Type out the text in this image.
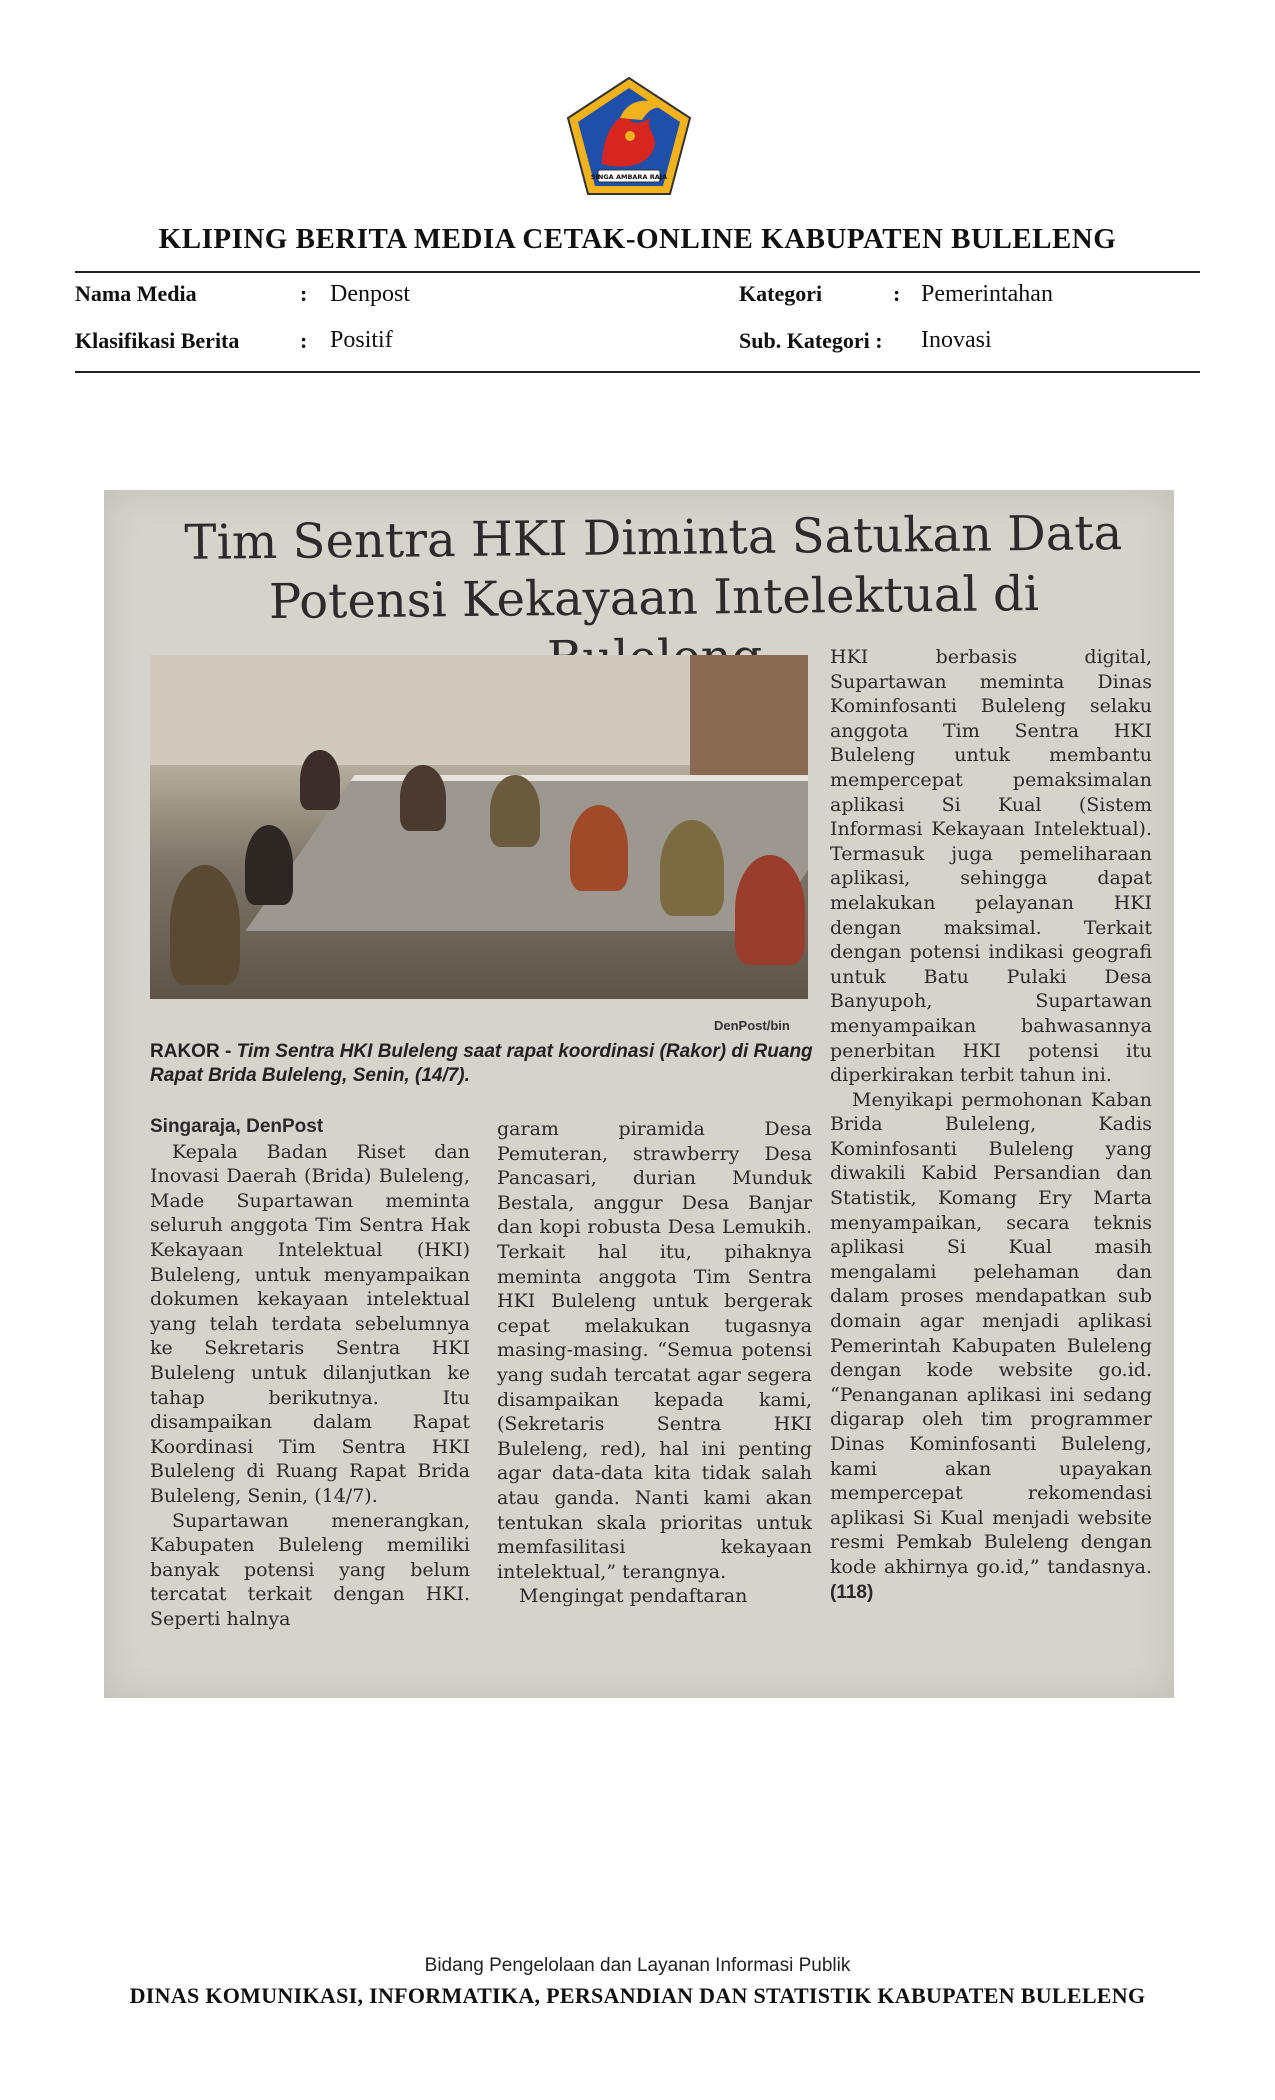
SINGA AMBARA RAJA
KLIPING BERITA MEDIA CETAK-ONLINE KABUPATEN BULELENG
Nama Media	: Denpost	Kategori	: Pemerintahan
Klasifikasi Berita	: Positif	Sub. Kategori : Inovasi
Tim Sentra HKI Diminta Satukan Data Potensi Kekayaan Intelektual di
DenPost/bin
RAKOR - Tim Sentra HKI Buleleng saat rapat koordinasi (Rakor) di Ruang Rapat Brida Buleleng, Senin, (14/7).
Singaraja, DenPost

Kepala Badan Riset dan Inovasi Daerah (Brida) Buleleng, Made Supartawan meminta seluruh anggota Tim Sentra Hak Kekayaan Intelektual (HKI) Buleleng, untuk menyampaikan dokumen kekayaan intelektual yang telah terdata sebelumnya ke Sekretaris Sentra HKI Buleleng untuk dilanjutkan ke tahap berikutnya. Itu disampaikan dalam Rapat Koordinasi Tim Sentra HKI Buleleng di Ruang Rapat Brida Buleleng, Senin, (14/7).

Supartawan menerangkan, Kabupaten Buleleng memiliki banyak potensi yang belum tercatat terkait dengan HKI. Seperti halnya

garam piramida Desa Pemuteran, strawberry Desa Pancasari, durian Munduk Bestala, anggur Desa Banjar dan kopi robusta Desa Lemukih. Terkait hal itu, pihaknya meminta anggota Tim Sentra HKI Buleleng untuk bergerak cepat melakukan tugasnya masing-masing. “Semua potensi yang sudah tercatat agar segera disampaikan kepada kami, (Sekretaris Sentra HKI Buleleng, red), hal ini penting agar data-data kita tidak salah atau ganda. Nanti kami akan tentukan skala prioritas untuk memfasilitasi kekayaan intelektual,” terangnya.

Mengingat pendaftaran

HKI berbasis digital, Supartawan meminta Dinas Kominfosanti Buleleng selaku anggota Tim Sentra HKI Buleleng untuk membantu mempercepat pemaksimalan aplikasi Si Kual (Sistem Informasi Kekayaan Intelektual). Termasuk juga pemeliharaan aplikasi, sehingga dapat melakukan pelayanan HKI dengan maksimal. Terkait dengan potensi indikasi geografi untuk Batu Pulaki Desa Banyupoh, Supartawan menyampaikan bahwasannya penerbitan HKI potensi itu diperkirakan terbit tahun ini.

Menyikapi permohonan Kaban Brida Buleleng, Kadis Kominfosanti Buleleng yang diwakili Kabid Persandian dan Statistik, Komang Ery Marta menyampaikan, secara teknis aplikasi Si Kual masih mengalami pelehaman dan dalam proses mendapatkan sub domain agar menjadi aplikasi Pemerintah Kabupaten Buleleng dengan kode website go.id. “Penanganan aplikasi ini sedang digarap oleh tim programmer Dinas Kominfosanti Buleleng, kami akan upayakan mempercepat rekomendasi aplikasi Si Kual menjadi website resmi Pemkab Buleleng dengan kode akhirnya go.id,” tandasnya. (118)

Bidang Pengelolaan dan Layanan Informasi Publik
DINAS KOMUNIKASI, INFORMATIKA, PERSANDIAN DAN STATISTIK KABUPATEN BULELENG
